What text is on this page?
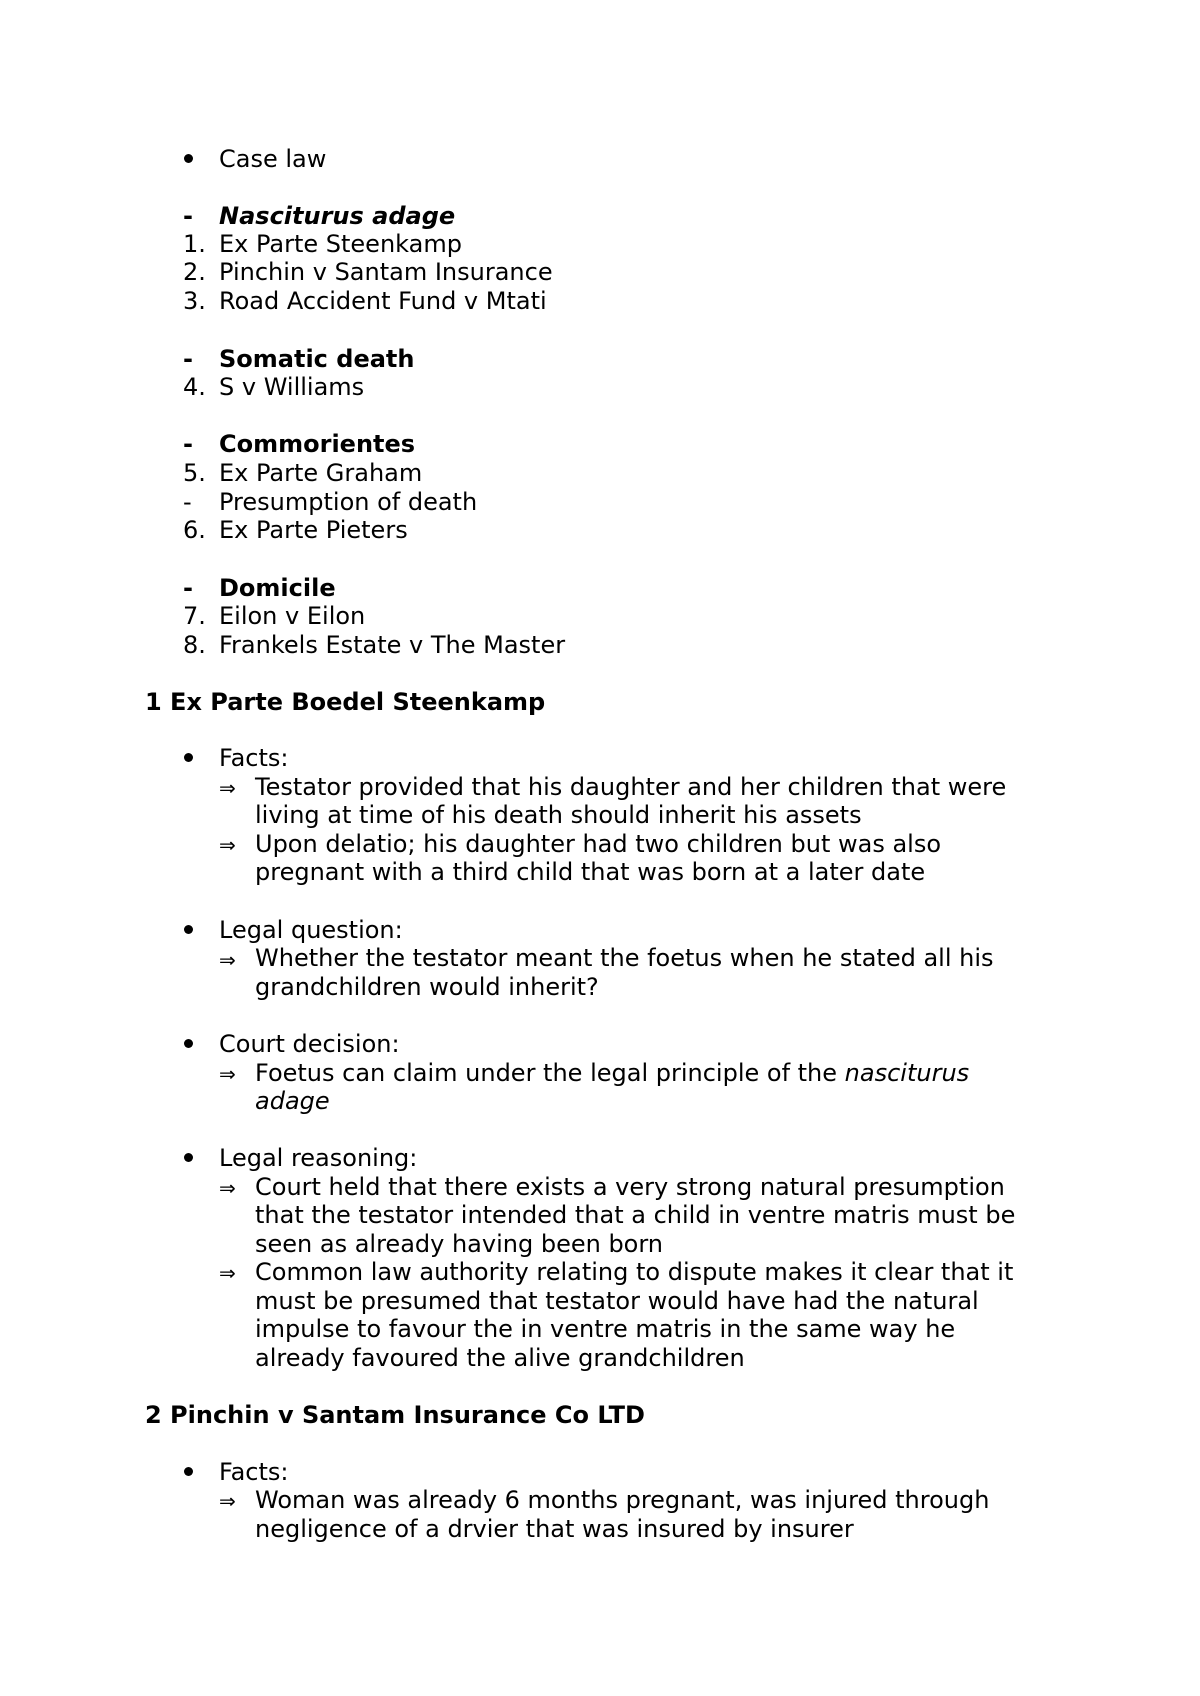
Case law
- Nasciturus adage
1. Ex Parte Steenkamp
2. Pinchin v Santam Insurance
3. Road Accident Fund v Mtati
- Somatic death
4. S v Williams
- Commorientes
5. Ex Parte Graham
- Presumption of death
6. Ex Parte Pieters
- Domicile
7. Eilon v Eilon
8. Frankels Estate v The Master
1 Ex Parte Boedel Steenkamp
Facts:
⇒ Testator provided that his daughter and her children that were
living at time of his death should inherit his assets
⇒ Upon delatio; his daughter had two children but was also
pregnant with a third child that was born at a later date
Legal question:
⇒ Whether the testator meant the foetus when he stated all his
grandchildren would inherit?
Court decision:
⇒ Foetus can claim under the legal principle of the nasciturus
adage
Legal reasoning:
⇒ Court held that there exists a very strong natural presumption
that the testator intended that a child in ventre matris must be
seen as already having been born
⇒ Common law authority relating to dispute makes it clear that it
must be presumed that testator would have had the natural
impulse to favour the in ventre matris in the same way he
already favoured the alive grandchildren
2 Pinchin v Santam Insurance Co LTD
Facts:
⇒ Woman was already 6 months pregnant, was injured through
negligence of a drvier that was insured by insurer
